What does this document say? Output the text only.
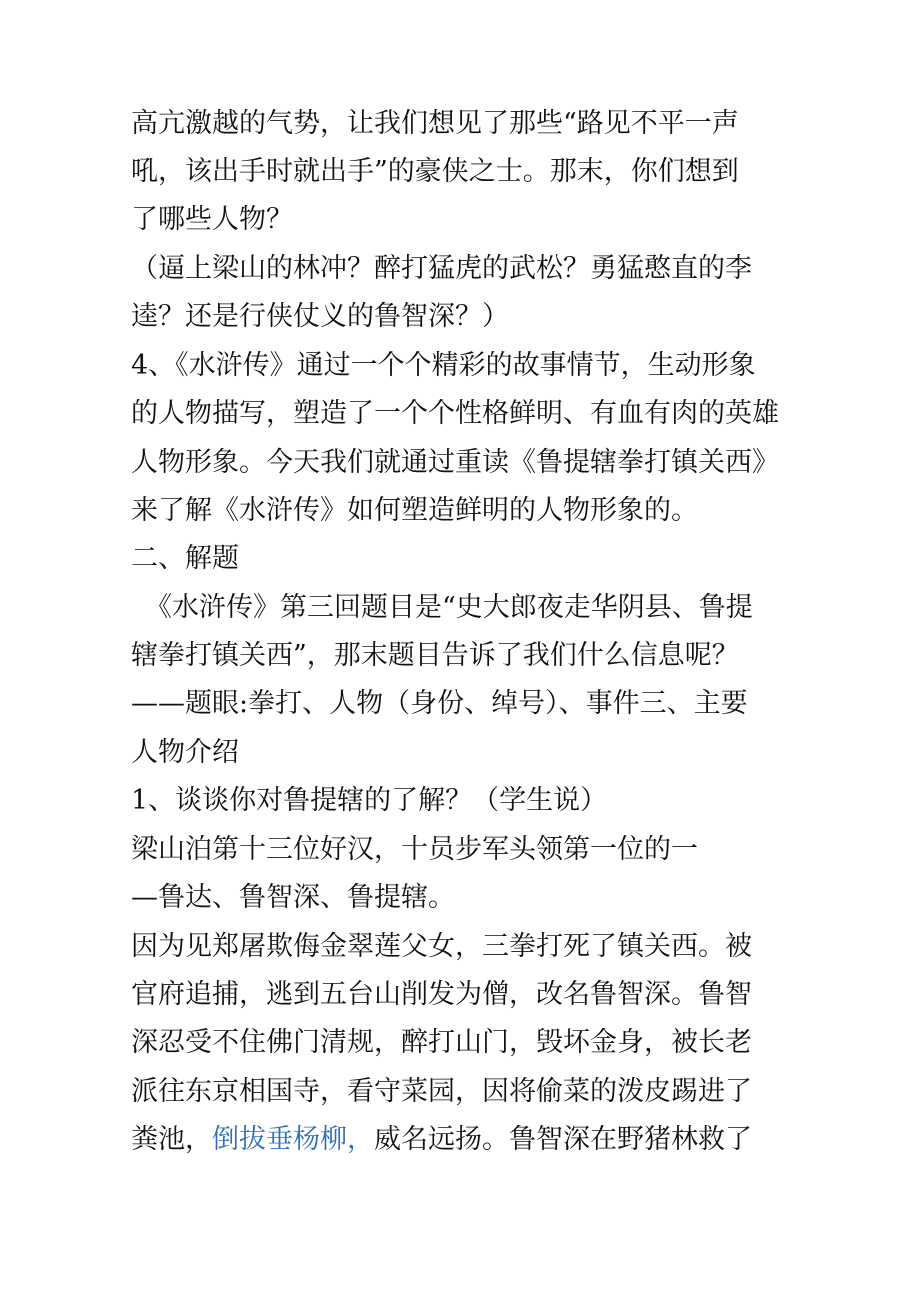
高亢激越的气势，让我们想见了那些“路见不平一声
吼，该出手时就出手”的豪侠之士。那末，你们想到
了哪些人物？
（逼上梁山的林冲？醉打猛虎的武松？勇猛憨直的李
逵？还是行侠仗义的鲁智深？）
4、《水浒传》通过一个个精彩的故事情节，生动形象
的人物描写，塑造了一个个性格鲜明、有血有肉的英雄
人物形象。今天我们就通过重读《鲁提辖拳打镇关西》
来了解《水浒传》如何塑造鲜明的人物形象的。
二、解题
《水浒传》第三回题目是“史大郎夜走华阴县、鲁提
辖拳打镇关西”，那末题目告诉了我们什么信息呢？
——题眼:拳打、人物（身份、绰号）、事件三、主要
人物介绍
1、谈谈你对鲁提辖的了解？（学生说）
梁山泊第十三位好汉，十员步军头领第一位的一
—鲁达、鲁智深、鲁提辖。
因为见郑屠欺侮金翠莲父女，三拳打死了镇关西。被
官府追捕，逃到五台山削发为僧，改名鲁智深。鲁智
深忍受不住佛门清规，醉打山门，毁坏金身，被长老
派往东京相国寺，看守菜园，因将偷菜的泼皮踢进了
粪池，倒拔垂杨柳，威名远扬。鲁智深在野猪林救了
